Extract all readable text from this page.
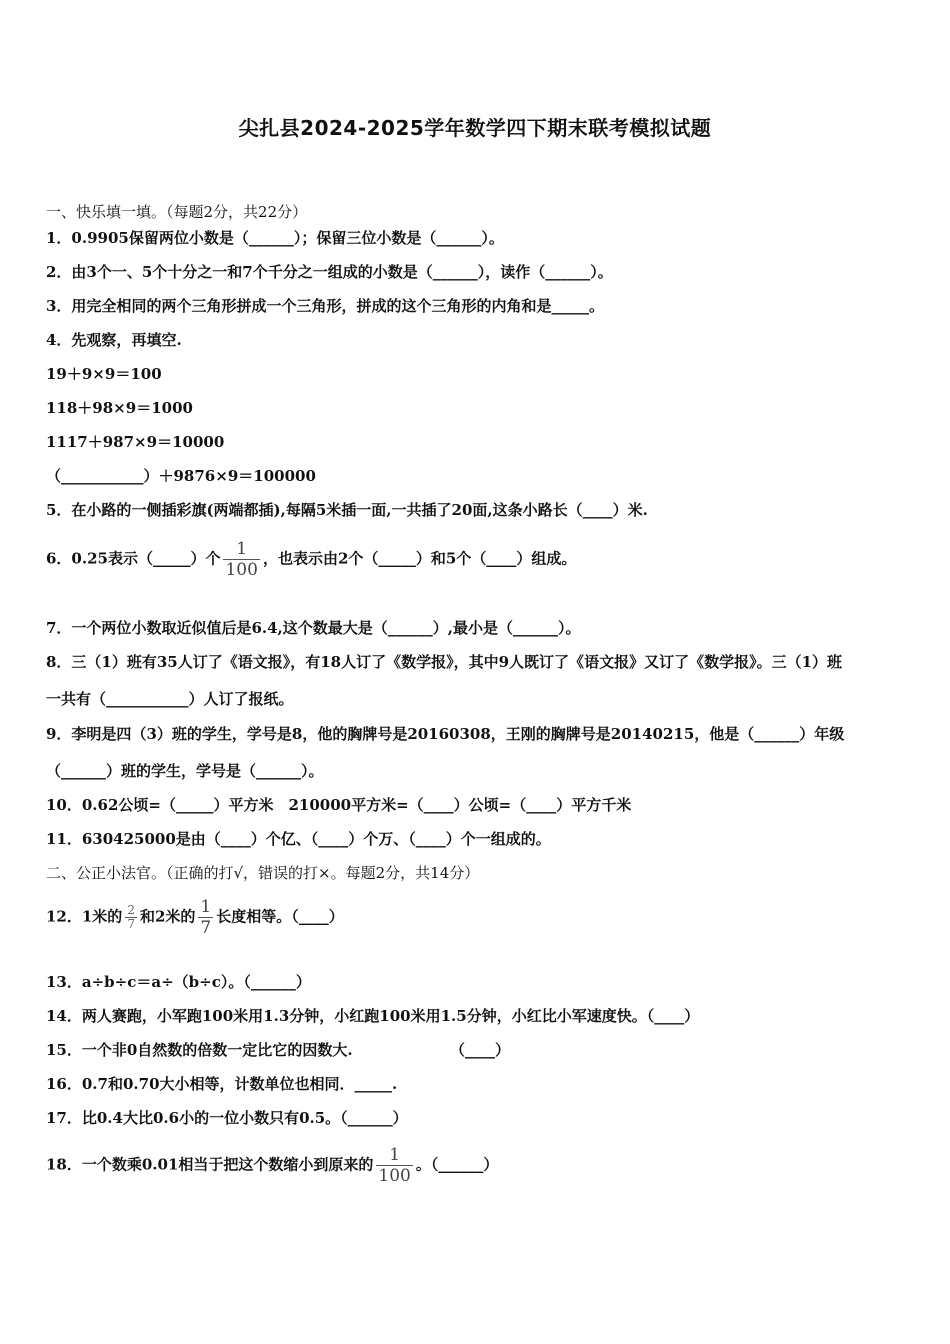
尖扎县2024-2025学年数学四下期末联考模拟试题
一、快乐填一填。（每题2分，共22分）
1．0.9905保留两位小数是（______）；保留三位小数是（______）。
2．由3个一、5个十分之一和7个千分之一组成的小数是（______），读作（______）。
3．用完全相同的两个三角形拼成一个三角形，拼成的这个三角形的内角和是_____。
4．先观察，再填空.
19＋9×9＝100
118＋98×9＝1000
1117＋987×9＝10000
（___________）＋9876×9＝100000
5．在小路的一侧插彩旗(两端都插),每隔5米插一面,一共插了20面,这条小路长（____）米.
6．0.25表示（_____）个 $\frac{1}{100}$ ，也表示由2个（_____）和5个（____）组成。
7．一个两位小数取近似值后是6.4,这个数最大是（______）,最小是（______）。
8．三（1）班有35人订了《语文报》，有18人订了《数学报》，其中9人既订了《语文报》又订了《数学报》。三（1）班
一共有（___________）人订了报纸。
9．李明是四（3）班的学生，学号是8，他的胸牌号是20160308，王刚的胸牌号是20140215，他是（______）年级
（______）班的学生，学号是（______）。
10．0.62公顷=（_____）平方米　210000平方米=（____）公顷=（____）平方千米
11．630425000是由（____）个亿、（____）个万、（____）个一组成的。
二、公正小法官。（正确的打√，错误的打×。每题2分，共14分）
12．1米的 $\frac{2}{7}$ 和2米的 $\frac{1}{7}$ 长度相等。（____）
13．a÷b÷c＝a÷（b÷c）。（______）
14．两人赛跑，小军跑100米用1.3分钟，小红跑100米用1.5分钟，小红比小军速度快。（____）
15．一个非0自然数的倍数一定比它的因数大.　　　　　　　（____）
16．0.7和0.70大小相等，计数单位也相同．_____.
17．比0.4大比0.6小的一位小数只有0.5。（______）
18．一个数乘0.01相当于把这个数缩小到原来的 $\frac{1}{100}$ 。（______）
